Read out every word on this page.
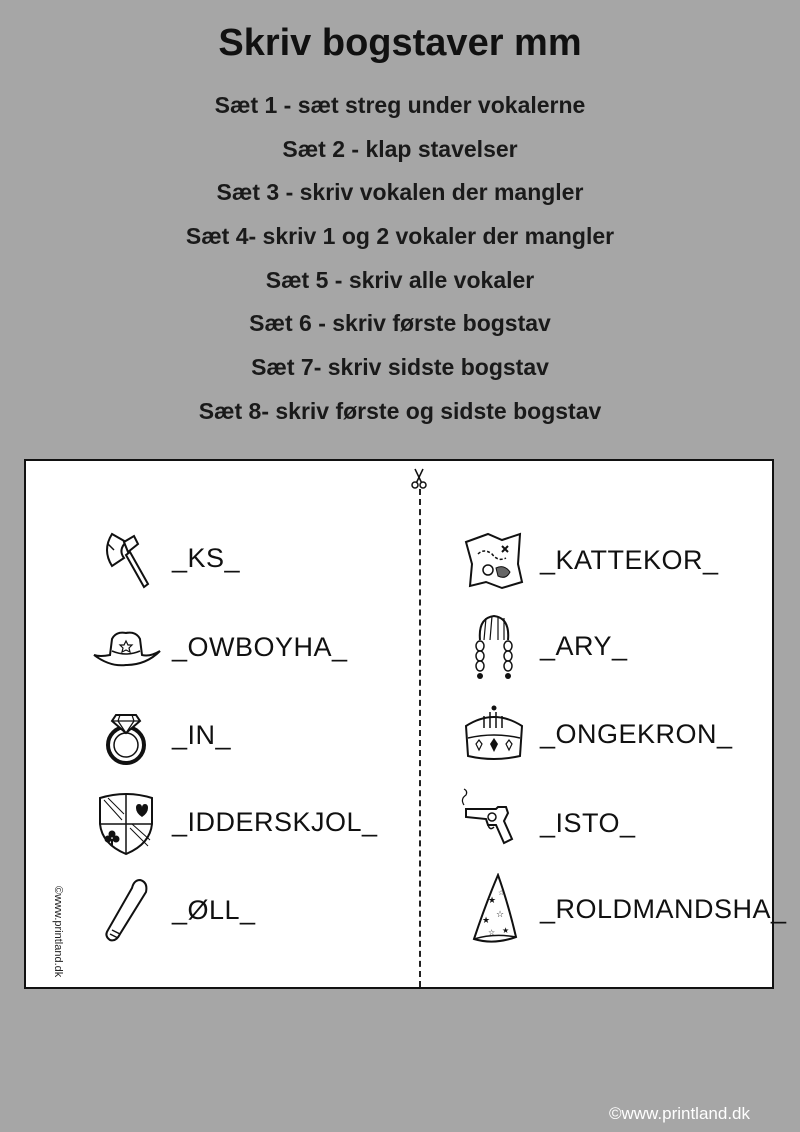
Skriv bogstaver mm
Sæt 1 - sæt streg under vokalerne
Sæt 2 - klap stavelser
Sæt 3 - skriv vokalen der mangler
Sæt 4- skriv 1 og 2 vokaler der mangler
Sæt 5 - skriv alle vokaler
Sæt 6 - skriv første bogstav
Sæt 7- skriv sidste bogstav
Sæt 8- skriv første og sidste bogstav
_KS_
_OWBOYHA_
_IN_
_IDDERSKJOL_
_ØLL_
©www.printland.dk
_KATTEKOR_
_ARY_
_ONGEKRON_
_ISTO_
★
☆
★
★
☆
☆
_ROLDMANDSHA_
©www.printland.dk
